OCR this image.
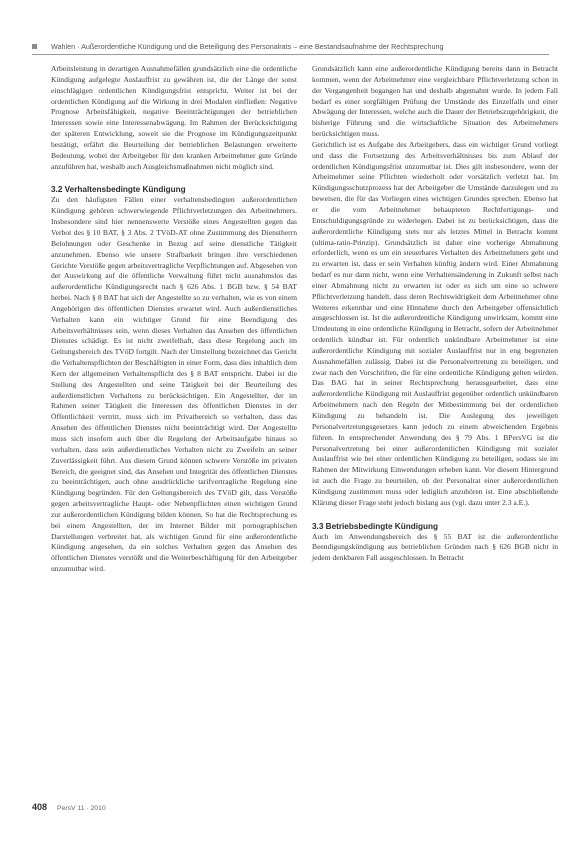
Wahlen · Außerordentliche Kündigung und die Beteiligung des Personalrats – eine Bestandsaufnahme der Rechtsprechung

Arbeitsleistung in derartigen Ausnahmefällen grundsätzlich eine die ordentliche Kündigung aufgelegte Auslauffrist zu gewähren ist, die der Länge der sonst einschlägigen ordentlichen Kündigungsfrist entspricht. Weiter ist bei der ordentlichen Kündigung auf die Wirkung in drei Modalen einfließen: Negative Prognose Arbeitsfähigkeit, negative Beeinträchtigungen der betrieblichen Interessen sowie eine Interessenabwägung. Im Rahmen der Berücksichtigung der späteren Entwicklung, soweit sie die Prognose im Kündigungszeitpunkt bestätigt, erfährt die Beurteilung der betrieblichen Belastungen erweiterte Bedeutung, wobei der Arbeitgeber für den kranken Arbeitnehmer gute Gründe anzuführen hat, weshalb auch Ausgleichsmaßnahmen nicht möglich sind.

3.2 Verhaltensbedingte Kündigung

Zu den häufigsten Fällen einer verhaltensbedingten außerordentlichen Kündigung gehören schwerwiegende Pflichtverletzungen des Arbeitnehmers. Insbesondere sind hier nennenswerte Verstöße eines Angestellten gegen das Verbot des § 10 BAT, § 3 Abs. 2 TVöD-AT ohne Zustimmung des Dienstherrn Belohnungen oder Geschenke in Bezug auf seine dienstliche Tätigkeit anzunehmen. Ebenso wie unsere Strafbarkeit bringen ihre verschiedenen Gerichte Verstöße gegen arbeitsvertragliche Verpflichtungen auf. Abgesehen von der Auswirkung auf die öffentliche Verwaltung führt nicht ausnahmslos das außerordentliche Kündigungsrecht nach § 626 Abs. 1 BGB bzw. § 54 BAT herbei. Nach § 8 BAT hat sich der Angestellte so zu verhalten, wie es von einem Angehörigen des öffentlichen Dienstes erwartet wird. Auch außerdienstliches Verhalten kann ein wichtiger Grund für eine Beendigung des Arbeitsverhältnisses sein, wenn dieses Verhalten das Ansehen des öffentlichen Dienstes schädigt. Es ist nicht zweifelhaft, dass diese Regelung auch im Geltungsbereich des TVöD fortgilt. Nach der Umstellung bezeichnet das Gericht die Verhaltenspflichten der Beschäftigten in einer Form, dass dies inhaltlich dem Kern der allgemeinen Verhaltenspflicht des § 8 BAT entspricht. Dabei ist die Stellung des Angestellten und seine Tätigkeit bei der Beurteilung des außerdienstlichen Verhaltens zu berücksichtigen. Ein Angestellter, der im Rahmen seiner Tätigkeit die Interessen des öffentlichen Dienstes in der Öffentlichkeit vertritt, muss sich im Privatbereich so verhalten, dass das Ansehen des öffentlichen Dienstes nicht beeinträchtigt wird. Der Angestellte muss sich insofern auch über die Regelung der Arbeitsaufgabe hinaus so verhalten, dass sein außerdienstliches Verhalten nicht zu Zweifeln an seiner Zuverlässigkeit führt. Aus diesem Grund können schwere Verstöße im privaten Bereich, die geeignet sind, das Ansehen und Integrität des öffentlichen Dienstes zu beeinträchtigen, auch ohne ausdrückliche tarifvertragliche Regelung eine Kündigung begründen. Für den Geltungsbereich des TVöD gilt, dass Verstöße gegen arbeitsvertragliche Haupt- oder Nebenpflichten einen wichtigen Grund zur außerordentlichen Kündigung bilden können. So hat die Rechtsprechung es bei einem Angestellten, der im Internet Bilder mit pornographischen Darstellungen verbreitet hat, als wichtigen Grund für eine außerordentliche Kündigung angesehen, da ein solches Verhalten gegen das Ansehen des öffentlichen Dienstes verstößt und die Weiterbeschäftigung für den Arbeitgeber unzumutbar wird.

Grundsätzlich kann eine außerordentliche Kündigung bereits dann in Betracht kommen, wenn der Arbeitnehmer eine vergleichbare Pflichtverletzung schon in der Vergangenheit begangen hat und deshalb abgemahnt wurde. In jedem Fall bedarf es einer sorgfältigen Prüfung der Umstände des Einzelfalls und einer Abwägung der Interessen, welche auch die Dauer der Betriebszugehörigkeit, die bisherige Führung und die wirtschaftliche Situation des Arbeitnehmers berücksichtigen muss.

Gerichtlich ist es Aufgabe des Arbeitgebers, dass ein wichtiger Grund vorliegt und dass die Fortsetzung des Arbeitsverhältnisses bis zum Ablauf der ordentlichen Kündigungsfrist unzumutbar ist. Dies gilt insbesondere, wenn der Arbeitnehmer seine Pflichten wiederholt oder vorsätzlich verletzt hat. Im Kündigungsschutzprozess hat der Arbeitgeber die Umstände darzulegen und zu beweisen, die für das Vorliegen eines wichtigen Grundes sprechen. Ebenso hat er die vom Arbeitnehmer behaupteten Rechtfertigungs- und Entschuldigungsgründe zu widerlegen. Dabei ist zu berücksichtigen, dass die außerordentliche Kündigung stets nur als letztes Mittel in Betracht kommt (ultima-ratio-Prinzip). Grundsätzlich ist daher eine vorherige Abmahnung erforderlich, wenn es um ein steuerbares Verhalten des Arbeitnehmers geht und zu erwarten ist, dass er sein Verhalten künftig ändern wird. Einer Abmahnung bedarf es nur dann nicht, wenn eine Verhaltensänderung in Zukunft selbst nach einer Abmahnung nicht zu erwarten ist oder es sich um eine so schwere Pflichtverletzung handelt, dass deren Rechtswidrigkeit dem Arbeitnehmer ohne Weiteres erkennbar und eine Hinnahme durch den Arbeitgeber offensichtlich ausgeschlossen ist. Ist die außerordentliche Kündigung unwirksam, kommt eine Umdeutung in eine ordentliche Kündigung in Betracht, sofern der Arbeitnehmer ordentlich kündbar ist. Für ordentlich unkündbare Arbeitnehmer ist eine außerordentliche Kündigung mit sozialer Auslauffrist nur in eng begrenzten Ausnahmefällen zulässig. Dabei ist die Personalvertretung zu beteiligen, und zwar nach den Vorschriften, die für eine ordentliche Kündigung gelten würden. Das BAG hat in seiner Rechtsprechung herausgearbeitet, dass eine außerordentliche Kündigung mit Auslauffrist gegenüber ordentlich unkündbaren Arbeitnehmern nach den Regeln der Mitbestimmung bei der ordentlichen Kündigung zu behandeln ist. Die Auslegung des jeweiligen Personalvertretungsgesetzes kann jedoch zu einem abweichenden Ergebnis führen. In entsprechender Anwendung des § 79 Abs. 1 BPersVG ist die Personalvertretung bei einer außerordentlichen Kündigung mit sozialer Auslauffrist wie bei einer ordentlichen Kündigung zu beteiligen, sodass sie im Rahmen der Mitwirkung Einwendungen erheben kann. Vor diesem Hintergrund ist auch die Frage zu beurteilen, ob der Personalrat einer außerordentlichen Kündigung zustimmen muss oder lediglich anzuhören ist. Eine abschließende Klärung dieser Frage steht jedoch bislang aus (vgl. dazu unter 2.3 a.E.).

3.3 Betriebsbedingte Kündigung

Auch im Anwendungsbereich des § 55 BAT ist die außerordentliche Beendigungskündigung aus betrieblichen Gründen nach § 626 BGB nicht in jedem denkbaren Fall ausgeschlossen. In Betracht

408 PersV 11 · 2010
